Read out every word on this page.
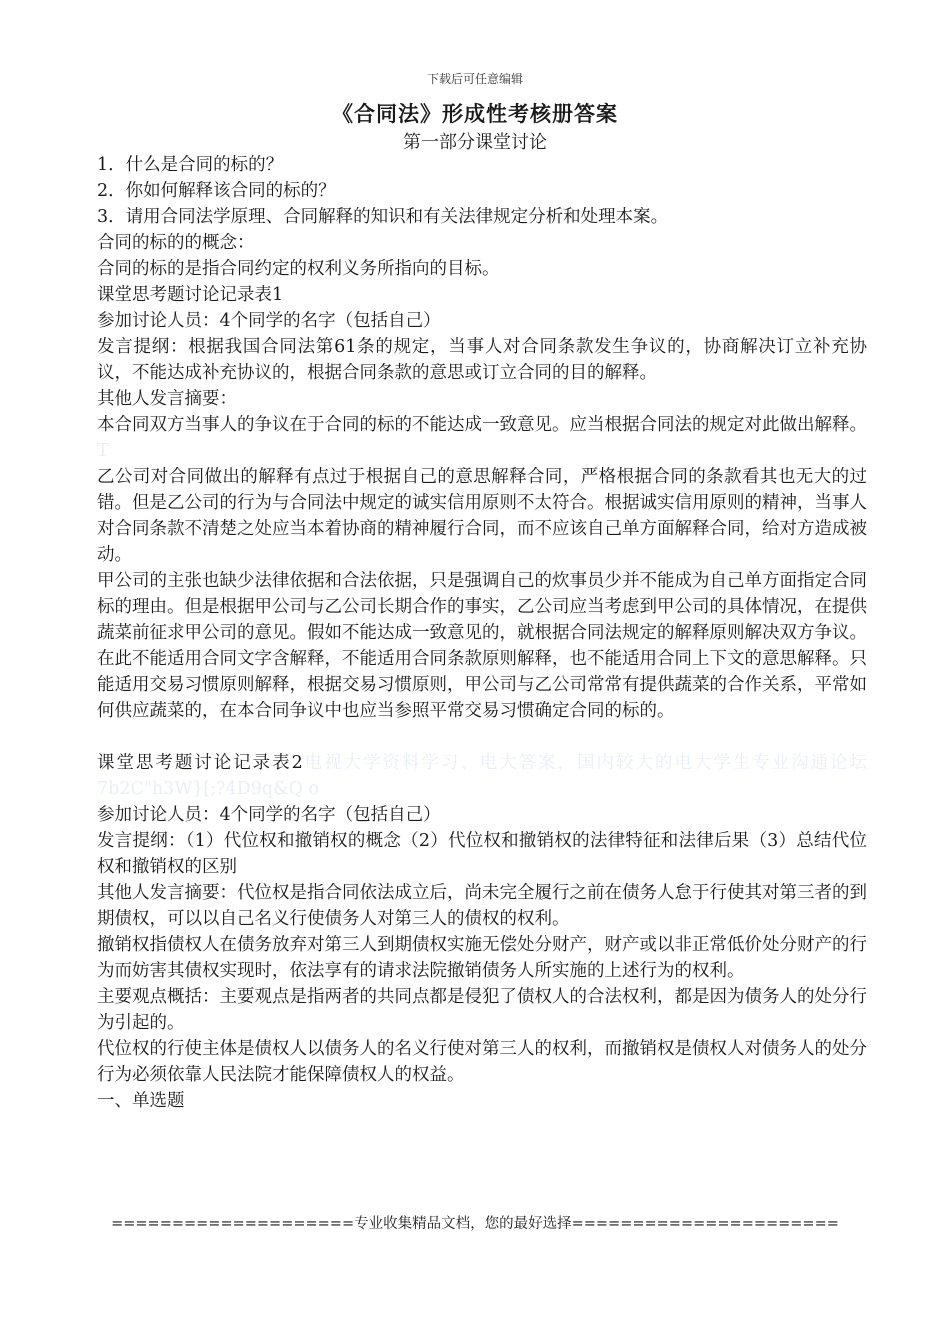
下载后可任意编辑
《合同法》形成性考核册答案
第一部分课堂讨论

1．什么是合同的标的？

2．你如何解释该合同的标的？

3．请用合同法学原理、合同解释的知识和有关法律规定分析和处理本案。

合同的标的的概念：

合同的标的是指合同约定的权利义务所指向的目标。

课堂思考题讨论记录表1

参加讨论人员：4个同学的名字（包括自己）

发言提纲：根据我国合同法第61条的规定，当事人对合同条款发生争议的，协商解决订立补充协议，不能达成补充协议的，根据合同条款的意思或订立合同的目的解释。

其他人发言摘要：

本合同双方当事人的争议在于合同的标的不能达成一致意见。应当根据合同法的规定对此做出解释。T

乙公司对合同做出的解释有点过于根据自己的意思解释合同，严格根据合同的条款看其也无大的过错。但是乙公司的行为与合同法中规定的诚实信用原则不太符合。根据诚实信用原则的精神，当事人对合同条款不清楚之处应当本着协商的精神履行合同，而不应该自己单方面解释合同，给对方造成被动。

甲公司的主张也缺少法律依据和合法依据，只是强调自己的炊事员少并不能成为自己单方面指定合同标的理由。但是根据甲公司与乙公司长期合作的事实，乙公司应当考虑到甲公司的具体情况，在提供蔬菜前征求甲公司的意见。假如不能达成一致意见的，就根据合同法规定的解释原则解决双方争议。在此不能适用合同文字含解释，不能适用合同条款原则解释，也不能适用合同上下文的意思解释。只能适用交易习惯原则解释，根据交易习惯原则，甲公司与乙公司常常有提供蔬菜的合作关系，平常如何供应蔬菜的，在本合同争议中也应当参照平常交易习惯确定合同的标的。

课堂思考题讨论记录表2电视大学资料学习、电大答案，国内较大的电大学生专业沟通论坛 7b2C"h3W}[;?4D9q&Q o

参加讨论人员：4个同学的名字（包括自己）

发言提纲：（1）代位权和撤销权的概念（2）代位权和撤销权的法律特征和法律后果（3）总结代位权和撤销权的区别

其他人发言摘要：代位权是指合同依法成立后，尚未完全履行之前在债务人怠于行使其对第三者的到期债权，可以以自己名义行使债务人对第三人的债权的权利。

撤销权指债权人在债务放弃对第三人到期债权实施无偿处分财产，财产或以非正常低价处分财产的行为而妨害其债权实现时，依法享有的请求法院撤销债务人所实施的上述行为的权利。

主要观点概括：主要观点是指两者的共同点都是侵犯了债权人的合法权利，都是因为债务人的处分行为引起的。

代位权的行使主体是债权人以债务人的名义行使对第三人的权利，而撤销权是债权人对债务人的处分行为必须依靠人民法院才能保障债权人的权益。

一、单选题

====================专业收集精品文档，您的最好选择======================
